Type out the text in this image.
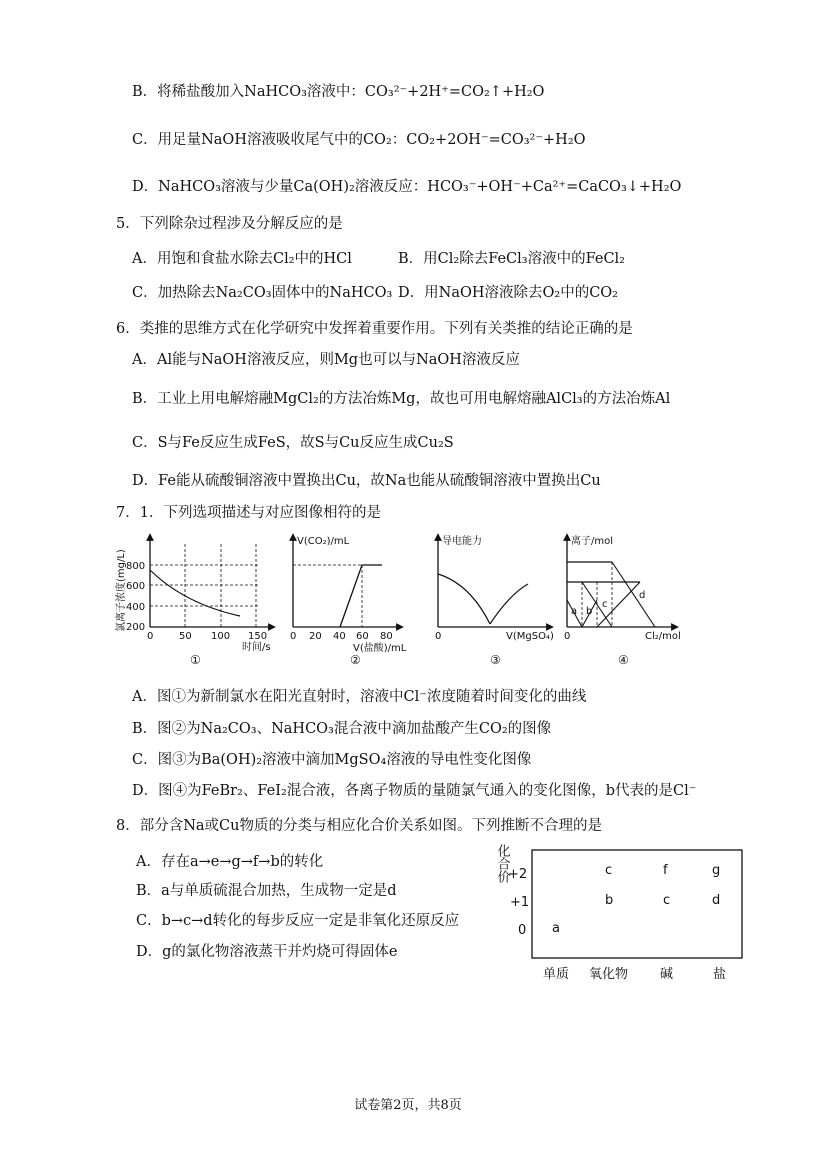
B．将稀盐酸加入NaHCO₃溶液中：CO₃²⁻+2H⁺=CO₂↑+H₂O
C．用足量NaOH溶液吸收尾气中的CO₂：CO₂+2OH⁻=CO₃²⁻+H₂O
D．NaHCO₃溶液与少量Ca(OH)₂溶液反应：HCO₃⁻+OH⁻+Ca²⁺=CaCO₃↓+H₂O
5．下列除杂过程涉及分解反应的是
A．用饱和食盐水除去Cl₂中的HCl	B．用Cl₂除去FeCl₃溶液中的FeCl₂
C．加热除去Na₂CO₃固体中的NaHCO₃ D．用NaOH溶液除去O₂中的CO₂
6．类推的思维方式在化学研究中发挥着重要作用。下列有关类推的结论正确的是
A．Al能与NaOH溶液反应，则Mg也可以与NaOH溶液反应
B．工业上用电解熔融MgCl₂的方法冶炼Mg，故也可用电解熔融AlCl₃的方法冶炼Al
C．S与Fe反应生成FeS，故S与Cu反应生成Cu₂S
D．Fe能从硫酸铜溶液中置换出Cu，故Na也能从硫酸铜溶液中置换出Cu
7．1．下列选项描述与对应图像相符的是
氯离子浓度(mg/L) 800
600
400
200
0	50 100 150
时间/s
①
V(CO₂)/mL
0 20 40 60 80
V(盐酸)/mL
②
导电能力
0	V(MgSO₄)
③
离子/mol
a b
c
d
0	Cl₂/mol
④
A．图①为新制氯水在阳光直射时，溶液中Cl⁻浓度随着时间变化的曲线
B．图②为Na₂CO₃、NaHCO₃混合液中滴加盐酸产生CO₂的图像
C．图③为Ba(OH)₂溶液中滴加MgSO₄溶液的导电性变化图像
D．图④为FeBr₂、FeI₂混合液，各离子物质的量随氯气通入的变化图像，b代表的是Cl⁻
8．部分含Na或Cu物质的分类与相应化合价关系如图。下列推断不合理的是
A．存在a→e→g→f→b的转化
B．a与单质硫混合加热，生成物一定是d
C．b→c→d转化的每步反应一定是非氧化还原反应
D．g的氯化物溶液蒸干并灼烧可得固体e
化合价
+2
+1
0
c	f	g
b	c	d
a
单质 氧化物 碱	盐
试卷第2页，共8页
